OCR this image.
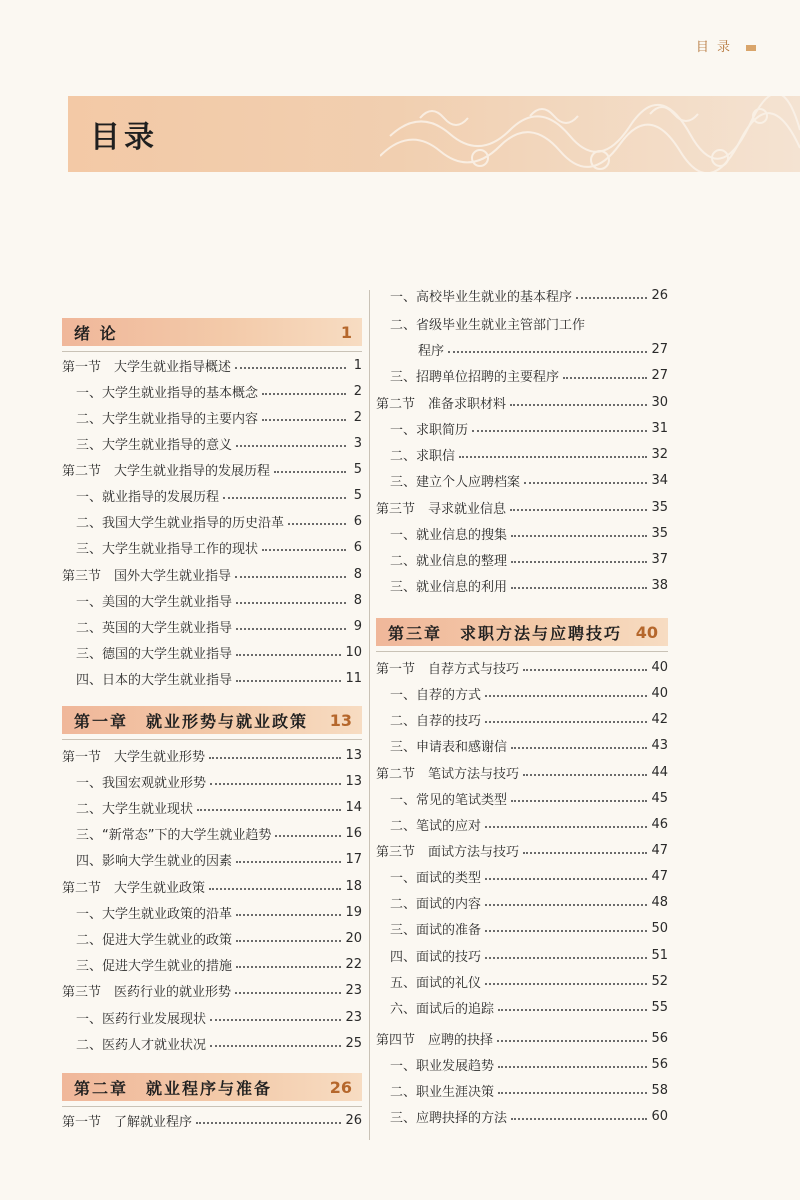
目 录
目录
绪 论	1
第一节　大学生就业指导概述	1
一、大学生就业指导的基本概念	2
二、大学生就业指导的主要内容	2
三、大学生就业指导的意义	3
第二节　大学生就业指导的发展历程	5
一、就业指导的发展历程	5
二、我国大学生就业指导的历史沿革	6
三、大学生就业指导工作的现状	6
第三节　国外大学生就业指导	8
一、美国的大学生就业指导	8
二、英国的大学生就业指导	9
三、德国的大学生就业指导	10
四、日本的大学生就业指导	11
第一章　就业形势与就业政策 13
第一节　大学生就业形势	13
一、我国宏观就业形势	13
二、大学生就业现状	14
三、“新常态”下的大学生就业趋势	16
四、影响大学生就业的因素	17
第二节　大学生就业政策	18
一、大学生就业政策的沿革	19
二、促进大学生就业的政策	20
三、促进大学生就业的措施	22
第三节　医药行业的就业形势	23
一、医药行业发展现状	23
二、医药人才就业状况	25
第二章　就业程序与准备	26
第一节　了解就业程序	26
一、高校毕业生就业的基本程序	26
二、省级毕业生就业主管部门工作
程序	27
三、招聘单位招聘的主要程序	27
第二节　准备求职材料	30
一、求职简历	31
二、求职信	32
三、建立个人应聘档案	34
第三节　寻求就业信息	35
一、就业信息的搜集	35
二、就业信息的整理	37
三、就业信息的利用	38
第三章　求职方法与应聘技巧 40
第一节　自荐方式与技巧	40
一、自荐的方式	40
二、自荐的技巧	42
三、申请表和感谢信	43
第二节　笔试方法与技巧	44
一、常见的笔试类型	45
二、笔试的应对	46
第三节　面试方法与技巧	47
一、面试的类型	47
二、面试的内容	48
三、面试的准备	50
四、面试的技巧	51
五、面试的礼仪	52
六、面试后的追踪	55
第四节　应聘的抉择	56
一、职业发展趋势	56
二、职业生涯决策	58
三、应聘抉择的方法	60
